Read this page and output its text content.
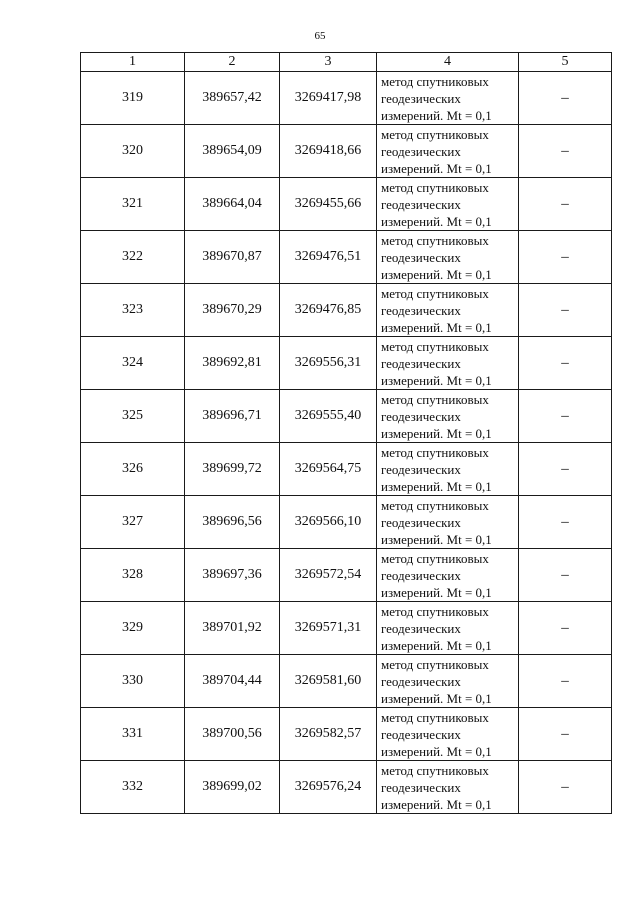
65
1	2	3	4	5
319	389657,42	3269417,98	метод спутниковых
геодезических
измерений. Mt = 0,1	–
320	389654,09	3269418,66	метод спутниковых
геодезических
измерений. Mt = 0,1	–
321	389664,04	3269455,66	метод спутниковых
геодезических
измерений. Mt = 0,1	–
322	389670,87	3269476,51	метод спутниковых
геодезических
измерений. Mt = 0,1	–
323	389670,29	3269476,85	метод спутниковых
геодезических
измерений. Mt = 0,1	–
324	389692,81	3269556,31	метод спутниковых
геодезических
измерений. Mt = 0,1	–
325	389696,71	3269555,40	метод спутниковых
геодезических
измерений. Mt = 0,1	–
326	389699,72	3269564,75	метод спутниковых
геодезических
измерений. Mt = 0,1	–
327	389696,56	3269566,10	метод спутниковых
геодезических
измерений. Mt = 0,1	–
328	389697,36	3269572,54	метод спутниковых
геодезических
измерений. Mt = 0,1	–
329	389701,92	3269571,31	метод спутниковых
геодезических
измерений. Mt = 0,1	–
330	389704,44	3269581,60	метод спутниковых
геодезических
измерений. Mt = 0,1	–
331	389700,56	3269582,57	метод спутниковых
геодезических
измерений. Mt = 0,1	–
332	389699,02	3269576,24	метод спутниковых
геодезических
измерений. Mt = 0,1	–
